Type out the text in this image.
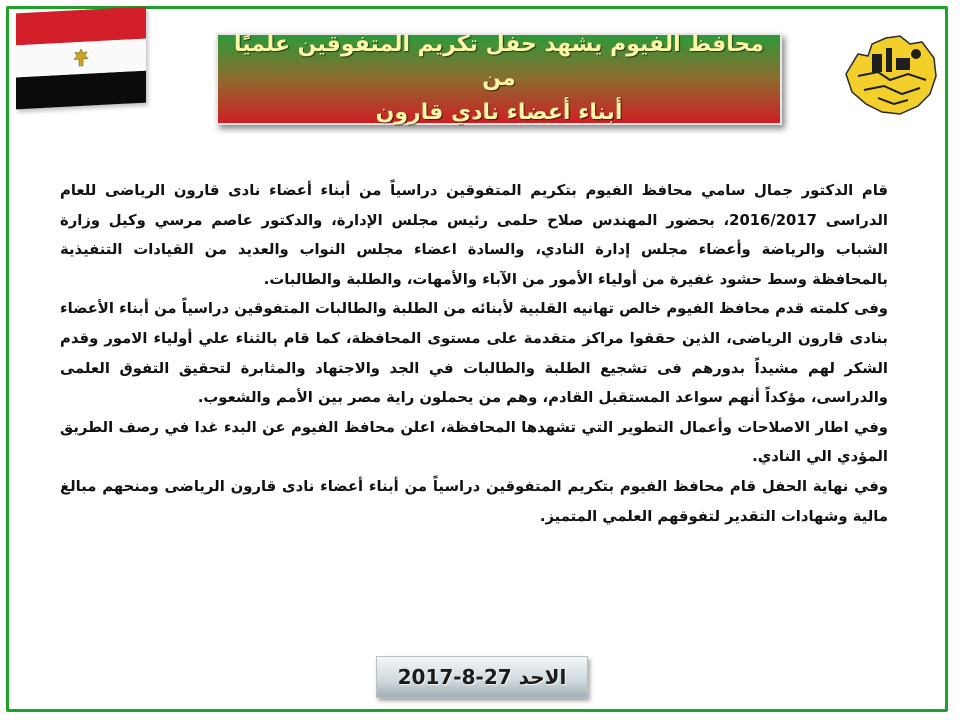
محافظ الفيوم يشهد حفل تكريم المتفوقين علميًا من
أبناء أعضاء نادي قارون

قام الدكتور جمال سامي محافظ الفيوم بتكريم المتفوقين دراسياً من أبناء أعضاء نادى قارون الرياضى للعام الدراسى 2016/2017، بحضور المهندس صلاح حلمى رئيس مجلس الإدارة، والدكتور عاصم مرسي وكيل وزارة الشباب والرياضة وأعضاء مجلس إدارة النادي، والسادة اعضاء مجلس النواب والعديد من القيادات التنفيذية بالمحافظة وسط حشود غفيرة من أولياء الأمور من الآباء والأمهات، والطلبة والطالبات.

وفى كلمته قدم محافظ الفيوم خالص تهانيه القلبية لأبنائه من الطلبة والطالبات المتفوقين دراسياً من أبناء الأعضاء بنادى قارون الرياضى، الذين حققوا مراكز متقدمة على مستوى المحافظة، كما قام بالثناء علي أولياء الامور وقدم الشكر لهم مشيداً بدورهم فى تشجيع الطلبة والطالبات في الجد والاجتهاد والمثابرة لتحقيق التفوق العلمى والدراسى، مؤكداً أنهم سواعد المستقبل القادم، وهم من يحملون راية مصر بين الأمم والشعوب.

وفي اطار الاصلاحات وأعمال التطوير التي تشهدها المحافظة، اعلن محافظ الفيوم عن البدء غدا في رصف الطريق المؤدي الي النادي.

وفي نهاية الحفل قام محافظ الفيوم بتكريم المتفوقين دراسياً من أبناء أعضاء نادى قارون الرياضى ومنحهم مبالغ مالية وشهادات التقدير لتفوقهم العلمي المتميز.

الاحد 27-8-2017
